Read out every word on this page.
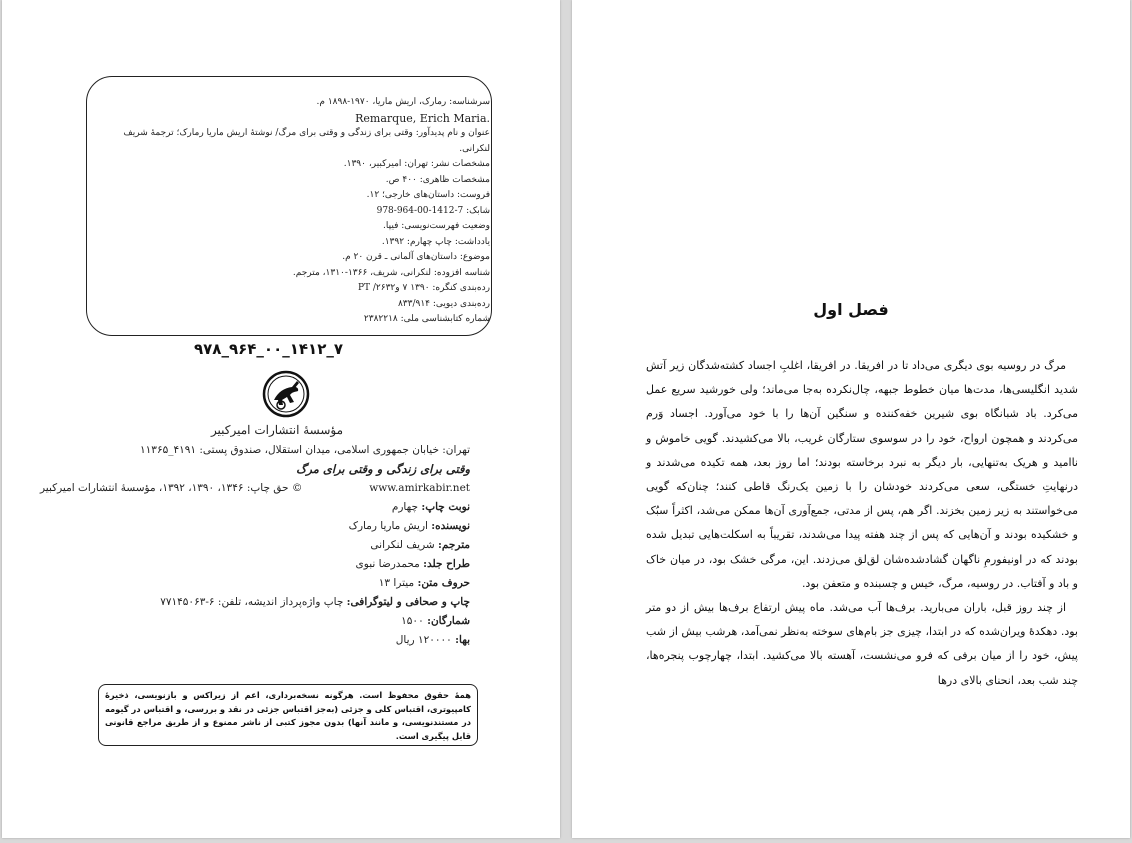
سرشناسه: رمارک، اریش ماریا، ۱۹۷۰-۱۸۹۸ م.
Remarque, Erich Maria.
عنوان و نام پدیدآور: وقتی برای زندگی و وقتی برای مرگ/ نوشتهٔ اریش ماریا رمارک؛ ترجمهٔ شریف لنکرانی.
مشخصات نشر: تهران: امیرکبیر، ۱۳۹۰.
مشخصات ظاهری: ۴۰۰ ص.
فروست: داستان‌های خارجی؛ ۱۲.
شابک: 7-1412-00-964-978
وضعیت فهرست‌نویسی: فیپا.
یادداشت: چاپ چهارم: ۱۳۹۲.
موضوع: داستان‌های آلمانی ـ قرن ۲۰ م.
شناسه افزوده: لنکرانی، شریف، ۱۳۶۶-۱۳۱۰، مترجم.
ردەبندی کنگره: ۱۳۹۰ ۷ و۲۶۳۲/ PT
ردەبندی دیویی: ۸۳۳/۹۱۴
شماره کتابشناسی ملی: ۲۳۸۲۲۱۸
۹۷۸_۹۶۴_۰۰_۱۴۱۲_۷
مؤسسهٔ انتشارات امیرکبیر
تهران: خیابان جمهوری اسلامی، میدان استقلال، صندوق پستی: ۴۱۹۱_۱۱۳۶۵
وقتی برای زندگی و وقتی برای مرگ
© حق چاپ: ۱۳۴۶، ۱۳۹۰، ۱۳۹۲، مؤسسهٔ انتشارات امیرکبیر	www.amirkabir.net
نوبت چاپ: چهارم
نویسنده: اریش ماریا رمارک
مترجم: شریف لنکرانی
طراح جلد: محمدرضا نبوی
حروف متن: میترا ۱۳
چاپ و صحافی و لیتوگرافی: چاپ واژه‌پرداز اندیشه، تلفن: ۶-۷۷۱۴۵۰۶۳
شمارگان: ۱۵۰۰
بها: ۱۲۰۰۰۰ ریال
همهٔ حقوق محفوظ است. هرگونه نسخه‌برداری، اعم از زیراکس و بازنویسی، ذخیرهٔ کامپیوتری، اقتباس کلی و جزئی (به‌جز اقتباس جزئی در نقد و بررسی، و اقتباس در گیومه در مستندنویسی، و مانند آنها) بدون مجوز کتبی از ناشر ممنوع و از طریق مراجع قانونی قابل پیگیری است.
فصل اول

مرگ در روسیه بوی دیگری می‌داد تا در افریقا. در افریقا، اغلبِ اجساد کشته‌شدگان زیر آتش شدید انگلیسی‌ها، مدت‌ها میان خطوط جبهه، چال‌نکرده به‌جا می‌ماند؛ ولی خورشید سریع عمل می‌کرد. باد شبانگاه بوی شیرین خفه‌کننده و سنگین آن‌ها را با خود می‌آورد. اجساد وَرم می‌کردند و همچون ارواح، خود را در سوسوی ستارگان غریب، بالا می‌کشیدند. گویی خاموش و ناامید و هریک به‌تنهایی، بار دیگر به نبرد برخاسته بودند؛ اما روز بعد، همه تکیده می‌شدند و درنهایتِ خستگی، سعی می‌کردند خودشان را با زمین یک‌رنگ قاطی کنند؛ چنان‌که گویی می‌خواستند به زیر زمین بخزند. اگر هم، پس از مدتی، جمع‌آوری آن‌ها ممکن می‌شد، اکثراً سبُک و خشکیده بودند و آن‌هایی که پس از چند هفته پیدا می‌شدند، تقریباً به اسکلت‌هایی تبدیل شده بودند که در اونیفورمِ ناگهان گشادشده‌شان لق‌لق می‌زدند. این، مرگی خشک بود، در میان خاک و باد و آفتاب. در روسیه، مرگ، خیس و چسبنده و متعفن بود.

از چند روز قبل، باران می‌بارید. برف‌ها آب می‌شد. ماه پیش ارتفاع برف‌ها بیش از دو متر بود. دهکدهٔ ویران‌شده که در ابتدا، چیزی جز بام‌های سوخته به‌نظر نمی‌آمد، هرشب بیش از شب پیش، خود را از میان برفی که فرو می‌نشست، آهسته بالا می‌کشید. ابتدا، چهارچوب پنجره‌ها، چند شب بعد، انحنای بالای درها
